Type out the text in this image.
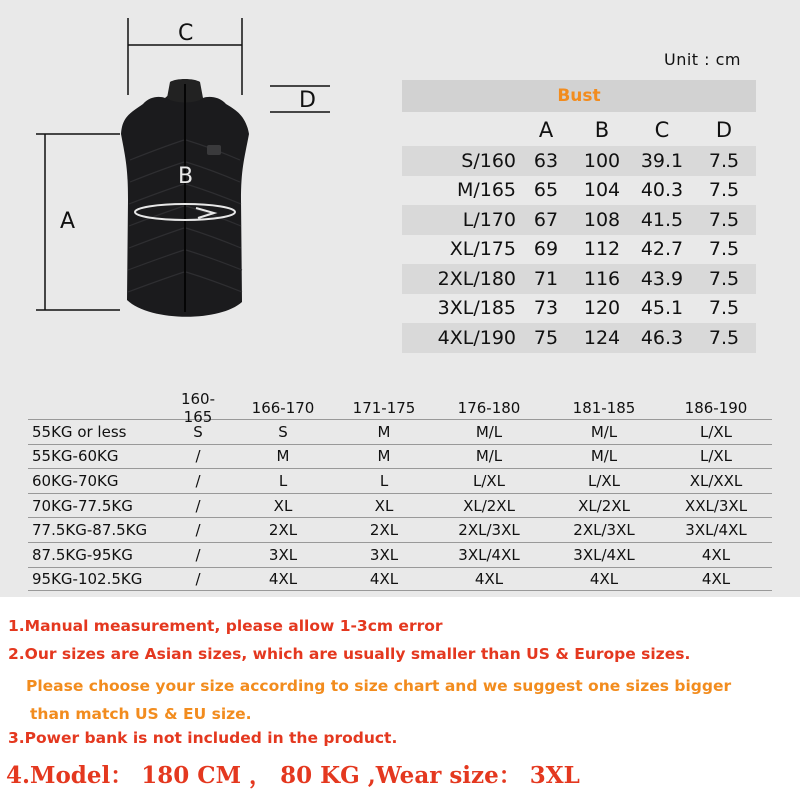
C
D
A
B
Unit : cm
Bust
A	B	C	D
S/160 63	100	39.1	7.5
M/165 65	104	40.3	7.5
L/170 67	108	41.5	7.5
XL/175 69	112	42.7	7.5
2XL/180 71	116	43.9	7.5
3XL/185 73	120	45.1	7.5
4XL/190 75	124	46.3	7.5
160-165	166-170	171-175	176-180	181-185	186-190
55KG or less	S	S	M	M/L	M/L	L/XL
55KG-60KG	/	M	M	M/L	M/L	L/XL
60KG-70KG	/	L	L	L/XL	L/XL	XL/XXL
70KG-77.5KG	/	XL	XL	XL/2XL	XL/2XL	XXL/3XL
77.5KG-87.5KG	/	2XL	2XL	2XL/3XL	2XL/3XL	3XL/4XL
87.5KG-95KG	/	3XL	3XL	3XL/4XL	3XL/4XL	4XL
95KG-102.5KG	/	4XL	4XL	4XL	4XL	4XL
1.Manual measurement, please allow 1-3cm error
2.Our sizes are Asian sizes, which are usually smaller than US & Europe sizes.
Please choose your size according to size chart and we suggest one sizes bigger
than match US & EU size.
3.Power bank is not included in the product.
4.Model： 180 CM ， 80 KG ,Wear size： 3XL
